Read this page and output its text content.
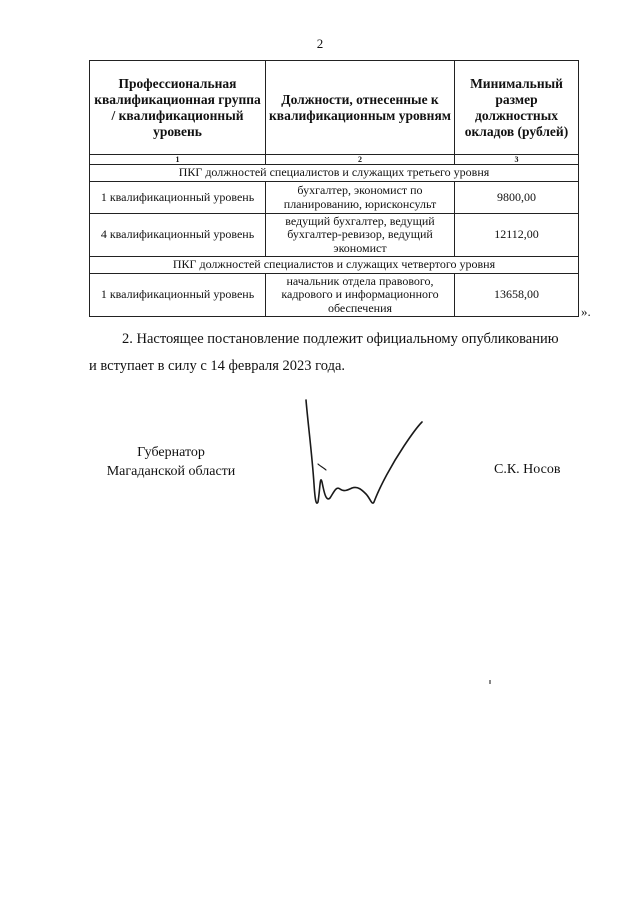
2
Профессиональная квалификационная группа / квалификационный уровень	Должности, отнесенные к квалификационным уровням	Минимальный размер должностных окладов (рублей)
1	2	3
ПКГ должностей специалистов и служащих третьего уровня		
1 квалификационный уровень	бухгалтер, экономист по планированию, юрисконсульт	9800,00
4 квалификационный уровень	ведущий бухгалтер, ведущий бухгалтер-ревизор, ведущий экономист	12112,00
ПКГ должностей специалистов и служащих четвертого уровня		
1 квалификационный уровень	начальник отдела правового, кадрового и информационного обеспечения	13658,00
».
2. Настоящее постановление подлежит официальному опубликованию
и вступает в силу с 14 февраля 2023 года.
Губернатор
Магаданской области	С.К. Носов
